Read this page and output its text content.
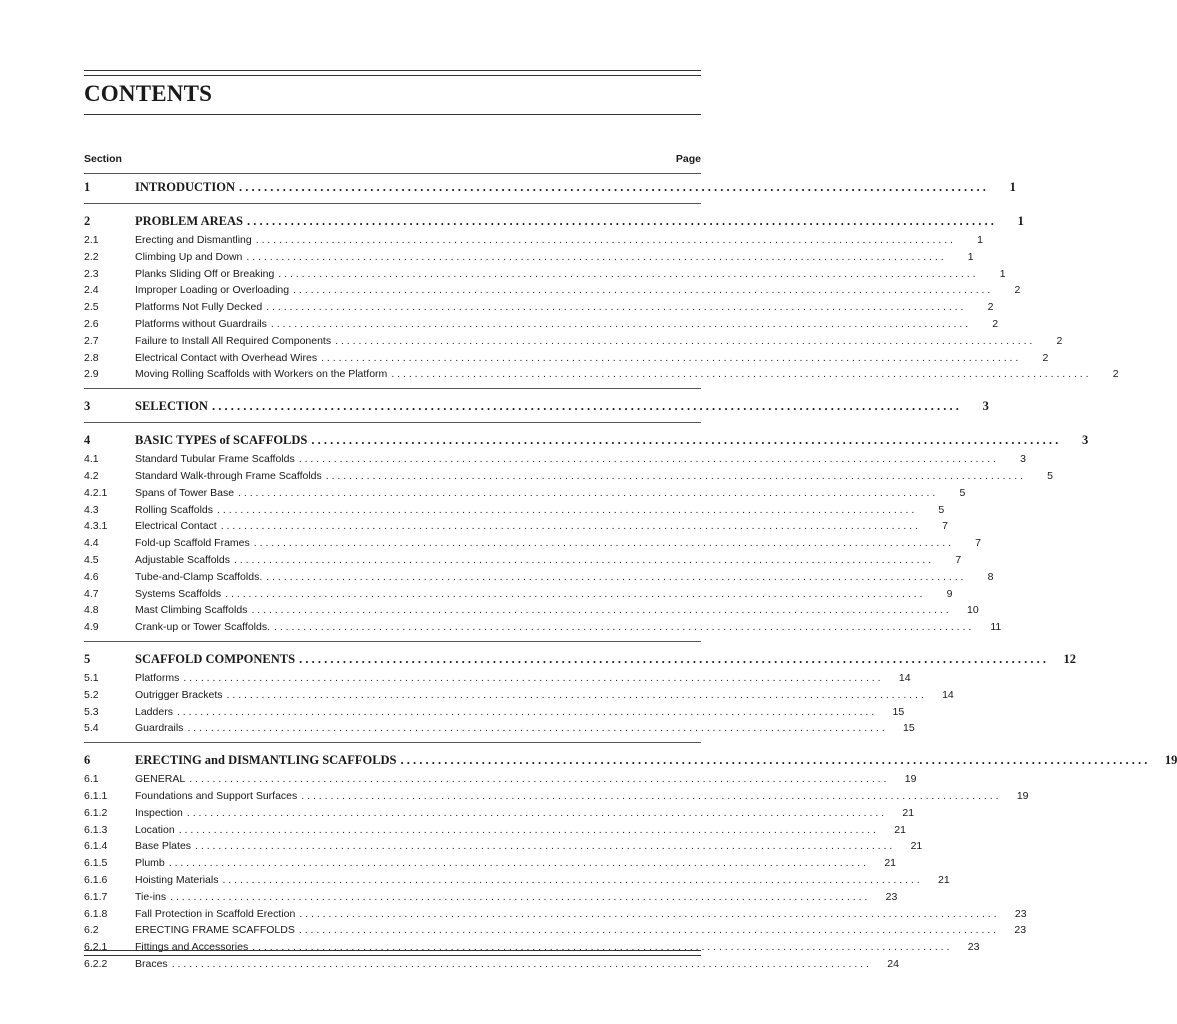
CONTENTS
Section	Page
1	INTRODUCTION . . . . . . . . . . . . . . . . . . . . . . . . . . . . . . . . . . . . . . . . . . . . . . . . . . . . . . . . . . . . . . . . . . . . . . . . . . . . . . . . . . . . . . . . . . . . . . . . . . . . . . . . . . . . . . . . . . . . . . . .	1
2	PROBLEM AREAS . . . . . . . . . . . . . . . . . . . . . . . . . . . . . . . . . . . . . . . . . . . . . . . . . . . . . . . . . . . . . . . . . . . . . . . . . . . . . . . . . . . . . . . . . . . . . . . . . . . . . . . . . . . . . . . . . . . . . . . .	1
2.1	Erecting and Dismantling . . . . . . . . . . . . . . . . . . . . . . . . . . . . . . . . . . . . . . . . . . . . . . . . . . . . . . . . . . . . . . . . . . . . . . . . . . . . . . . . . . . . . . . . . . . . . . . . . . . . . . . . . . . . . . . . . . . . . . . .	1
2.2	Climbing Up and Down . . . . . . . . . . . . . . . . . . . . . . . . . . . . . . . . . . . . . . . . . . . . . . . . . . . . . . . . . . . . . . . . . . . . . . . . . . . . . . . . . . . . . . . . . . . . . . . . . . . . . . . . . . . . . . . . . . . . . . . .	1
2.3	Planks Sliding Off or Breaking . . . . . . . . . . . . . . . . . . . . . . . . . . . . . . . . . . . . . . . . . . . . . . . . . . . . . . . . . . . . . . . . . . . . . . . . . . . . . . . . . . . . . . . . . . . . . . . . . . . . . . . . . . . . . . . . . . . . . . . .	1
2.4	Improper Loading or Overloading . . . . . . . . . . . . . . . . . . . . . . . . . . . . . . . . . . . . . . . . . . . . . . . . . . . . . . . . . . . . . . . . . . . . . . . . . . . . . . . . . . . . . . . . . . . . . . . . . . . . . . . . . . . . . . . . . . . . . . . .	2
2.5	Platforms Not Fully Decked . . . . . . . . . . . . . . . . . . . . . . . . . . . . . . . . . . . . . . . . . . . . . . . . . . . . . . . . . . . . . . . . . . . . . . . . . . . . . . . . . . . . . . . . . . . . . . . . . . . . . . . . . . . . . . . . . . . . . . . .	2
2.6	Platforms without Guardrails . . . . . . . . . . . . . . . . . . . . . . . . . . . . . . . . . . . . . . . . . . . . . . . . . . . . . . . . . . . . . . . . . . . . . . . . . . . . . . . . . . . . . . . . . . . . . . . . . . . . . . . . . . . . . . . . . . . . . . . .	2
2.7	Failure to Install All Required Components . . . . . . . . . . . . . . . . . . . . . . . . . . . . . . . . . . . . . . . . . . . . . . . . . . . . . . . . . . . . . . . . . . . . . . . . . . . . . . . . . . . . . . . . . . . . . . . . . . . . . . . . . . . . . . . . . . . . . . . .	2
2.8	Electrical Contact with Overhead Wires . . . . . . . . . . . . . . . . . . . . . . . . . . . . . . . . . . . . . . . . . . . . . . . . . . . . . . . . . . . . . . . . . . . . . . . . . . . . . . . . . . . . . . . . . . . . . . . . . . . . . . . . . . . . . . . . . . . . . . . .	2
2.9	Moving Rolling Scaffolds with Workers on the Platform . . . . . . . . . . . . . . . . . . . . . . . . . . . . . . . . . . . . . . . . . . . . . . . . . . . . . . . . . . . . . . . . . . . . . . . . . . . . . . . . . . . . . . . . . . . . . . . . . . . . . . . . . . . . . . . . . . . . . . . .	2
3	SELECTION . . . . . . . . . . . . . . . . . . . . . . . . . . . . . . . . . . . . . . . . . . . . . . . . . . . . . . . . . . . . . . . . . . . . . . . . . . . . . . . . . . . . . . . . . . . . . . . . . . . . . . . . . . . . . . . . . . . . . . . .	3
4	BASIC TYPES of SCAFFOLDS . . . . . . . . . . . . . . . . . . . . . . . . . . . . . . . . . . . . . . . . . . . . . . . . . . . . . . . . . . . . . . . . . . . . . . . . . . . . . . . . . . . . . . . . . . . . . . . . . . . . . . . . . . . . . . . . . . . . . . . .	3
4.1	Standard Tubular Frame Scaffolds . . . . . . . . . . . . . . . . . . . . . . . . . . . . . . . . . . . . . . . . . . . . . . . . . . . . . . . . . . . . . . . . . . . . . . . . . . . . . . . . . . . . . . . . . . . . . . . . . . . . . . . . . . . . . . . . . . . . . . . .	3
4.2	Standard Walk-through Frame Scaffolds . . . . . . . . . . . . . . . . . . . . . . . . . . . . . . . . . . . . . . . . . . . . . . . . . . . . . . . . . . . . . . . . . . . . . . . . . . . . . . . . . . . . . . . . . . . . . . . . . . . . . . . . . . . . . . . . . . . . . . . .	5
4.2.1	Spans of Tower Base . . . . . . . . . . . . . . . . . . . . . . . . . . . . . . . . . . . . . . . . . . . . . . . . . . . . . . . . . . . . . . . . . . . . . . . . . . . . . . . . . . . . . . . . . . . . . . . . . . . . . . . . . . . . . . . . . . . . . . . .	5
4.3	Rolling Scaffolds . . . . . . . . . . . . . . . . . . . . . . . . . . . . . . . . . . . . . . . . . . . . . . . . . . . . . . . . . . . . . . . . . . . . . . . . . . . . . . . . . . . . . . . . . . . . . . . . . . . . . . . . . . . . . . . . . . . . . . . .	5
4.3.1	Electrical Contact . . . . . . . . . . . . . . . . . . . . . . . . . . . . . . . . . . . . . . . . . . . . . . . . . . . . . . . . . . . . . . . . . . . . . . . . . . . . . . . . . . . . . . . . . . . . . . . . . . . . . . . . . . . . . . . . . . . . . . . .	7
4.4	Fold-up Scaffold Frames . . . . . . . . . . . . . . . . . . . . . . . . . . . . . . . . . . . . . . . . . . . . . . . . . . . . . . . . . . . . . . . . . . . . . . . . . . . . . . . . . . . . . . . . . . . . . . . . . . . . . . . . . . . . . . . . . . . . . . . .	7
4.5	Adjustable Scaffolds . . . . . . . . . . . . . . . . . . . . . . . . . . . . . . . . . . . . . . . . . . . . . . . . . . . . . . . . . . . . . . . . . . . . . . . . . . . . . . . . . . . . . . . . . . . . . . . . . . . . . . . . . . . . . . . . . . . . . . . .	7
4.6	Tube-and-Clamp Scaffolds. . . . . . . . . . . . . . . . . . . . . . . . . . . . . . . . . . . . . . . . . . . . . . . . . . . . . . . . . . . . . . . . . . . . . . . . . . . . . . . . . . . . . . . . . . . . . . . . . . . . . . . . . . . . . . . . . . . . . . . . .	8
4.7	Systems Scaffolds . . . . . . . . . . . . . . . . . . . . . . . . . . . . . . . . . . . . . . . . . . . . . . . . . . . . . . . . . . . . . . . . . . . . . . . . . . . . . . . . . . . . . . . . . . . . . . . . . . . . . . . . . . . . . . . . . . . . . . . .	9
4.8	Mast Climbing Scaffolds . . . . . . . . . . . . . . . . . . . . . . . . . . . . . . . . . . . . . . . . . . . . . . . . . . . . . . . . . . . . . . . . . . . . . . . . . . . . . . . . . . . . . . . . . . . . . . . . . . . . . . . . . . . . . . . . . . . . . . . .	10
4.9	Crank-up or Tower Scaffolds. . . . . . . . . . . . . . . . . . . . . . . . . . . . . . . . . . . . . . . . . . . . . . . . . . . . . . . . . . . . . . . . . . . . . . . . . . . . . . . . . . . . . . . . . . . . . . . . . . . . . . . . . . . . . . . . . . . . . . . . .	11
5	SCAFFOLD COMPONENTS . . . . . . . . . . . . . . . . . . . . . . . . . . . . . . . . . . . . . . . . . . . . . . . . . . . . . . . . . . . . . . . . . . . . . . . . . . . . . . . . . . . . . . . . . . . . . . . . . . . . . . . . . . . . . . . . . . . . . . . .	12
5.1	Platforms . . . . . . . . . . . . . . . . . . . . . . . . . . . . . . . . . . . . . . . . . . . . . . . . . . . . . . . . . . . . . . . . . . . . . . . . . . . . . . . . . . . . . . . . . . . . . . . . . . . . . . . . . . . . . . . . . . . . . . . .	14
5.2	Outrigger Brackets . . . . . . . . . . . . . . . . . . . . . . . . . . . . . . . . . . . . . . . . . . . . . . . . . . . . . . . . . . . . . . . . . . . . . . . . . . . . . . . . . . . . . . . . . . . . . . . . . . . . . . . . . . . . . . . . . . . . . . . .	14
5.3	Ladders . . . . . . . . . . . . . . . . . . . . . . . . . . . . . . . . . . . . . . . . . . . . . . . . . . . . . . . . . . . . . . . . . . . . . . . . . . . . . . . . . . . . . . . . . . . . . . . . . . . . . . . . . . . . . . . . . . . . . . . .	15
5.4	Guardrails . . . . . . . . . . . . . . . . . . . . . . . . . . . . . . . . . . . . . . . . . . . . . . . . . . . . . . . . . . . . . . . . . . . . . . . . . . . . . . . . . . . . . . . . . . . . . . . . . . . . . . . . . . . . . . . . . . . . . . . .	15
6	ERECTING and DISMANTLING SCAFFOLDS . . . . . . . . . . . . . . . . . . . . . . . . . . . . . . . . . . . . . . . . . . . . . . . . . . . . . . . . . . . . . . . . . . . . . . . . . . . . . . . . . . . . . . . . . . . . . . . . . . . . . . . . . . . . . . . . . . . . . . . .	19
6.1	GENERAL . . . . . . . . . . . . . . . . . . . . . . . . . . . . . . . . . . . . . . . . . . . . . . . . . . . . . . . . . . . . . . . . . . . . . . . . . . . . . . . . . . . . . . . . . . . . . . . . . . . . . . . . . . . . . . . . . . . . . . . .	19
6.1.1	Foundations and Support Surfaces . . . . . . . . . . . . . . . . . . . . . . . . . . . . . . . . . . . . . . . . . . . . . . . . . . . . . . . . . . . . . . . . . . . . . . . . . . . . . . . . . . . . . . . . . . . . . . . . . . . . . . . . . . . . . . . . . . . . . . . .	19
6.1.2	Inspection . . . . . . . . . . . . . . . . . . . . . . . . . . . . . . . . . . . . . . . . . . . . . . . . . . . . . . . . . . . . . . . . . . . . . . . . . . . . . . . . . . . . . . . . . . . . . . . . . . . . . . . . . . . . . . . . . . . . . . . .	21
6.1.3	Location . . . . . . . . . . . . . . . . . . . . . . . . . . . . . . . . . . . . . . . . . . . . . . . . . . . . . . . . . . . . . . . . . . . . . . . . . . . . . . . . . . . . . . . . . . . . . . . . . . . . . . . . . . . . . . . . . . . . . . . .	21
6.1.4	Base Plates . . . . . . . . . . . . . . . . . . . . . . . . . . . . . . . . . . . . . . . . . . . . . . . . . . . . . . . . . . . . . . . . . . . . . . . . . . . . . . . . . . . . . . . . . . . . . . . . . . . . . . . . . . . . . . . . . . . . . . . .	21
6.1.5	Plumb . . . . . . . . . . . . . . . . . . . . . . . . . . . . . . . . . . . . . . . . . . . . . . . . . . . . . . . . . . . . . . . . . . . . . . . . . . . . . . . . . . . . . . . . . . . . . . . . . . . . . . . . . . . . . . . . . . . . . . . .	21
6.1.6	Hoisting Materials . . . . . . . . . . . . . . . . . . . . . . . . . . . . . . . . . . . . . . . . . . . . . . . . . . . . . . . . . . . . . . . . . . . . . . . . . . . . . . . . . . . . . . . . . . . . . . . . . . . . . . . . . . . . . . . . . . . . . . . .	21
6.1.7	Tie-ins . . . . . . . . . . . . . . . . . . . . . . . . . . . . . . . . . . . . . . . . . . . . . . . . . . . . . . . . . . . . . . . . . . . . . . . . . . . . . . . . . . . . . . . . . . . . . . . . . . . . . . . . . . . . . . . . . . . . . . . .	23
6.1.8	Fall Protection in Scaffold Erection . . . . . . . . . . . . . . . . . . . . . . . . . . . . . . . . . . . . . . . . . . . . . . . . . . . . . . . . . . . . . . . . . . . . . . . . . . . . . . . . . . . . . . . . . . . . . . . . . . . . . . . . . . . . . . . . . . . . . . . .	23
6.2	ERECTING FRAME SCAFFOLDS . . . . . . . . . . . . . . . . . . . . . . . . . . . . . . . . . . . . . . . . . . . . . . . . . . . . . . . . . . . . . . . . . . . . . . . . . . . . . . . . . . . . . . . . . . . . . . . . . . . . . . . . . . . . . . . . . . . . . . . .	23
6.2.1	Fittings and Accessories . . . . . . . . . . . . . . . . . . . . . . . . . . . . . . . . . . . . . . . . . . . . . . . . . . . . . . . . . . . . . . . . . . . . . . . . . . . . . . . . . . . . . . . . . . . . . . . . . . . . . . . . . . . . . . . . . . . . . . . .	23
6.2.2	Braces . . . . . . . . . . . . . . . . . . . . . . . . . . . . . . . . . . . . . . . . . . . . . . . . . . . . . . . . . . . . . . . . . . . . . . . . . . . . . . . . . . . . . . . . . . . . . . . . . . . . . . . . . . . . . . . . . . . . . . . .	24
